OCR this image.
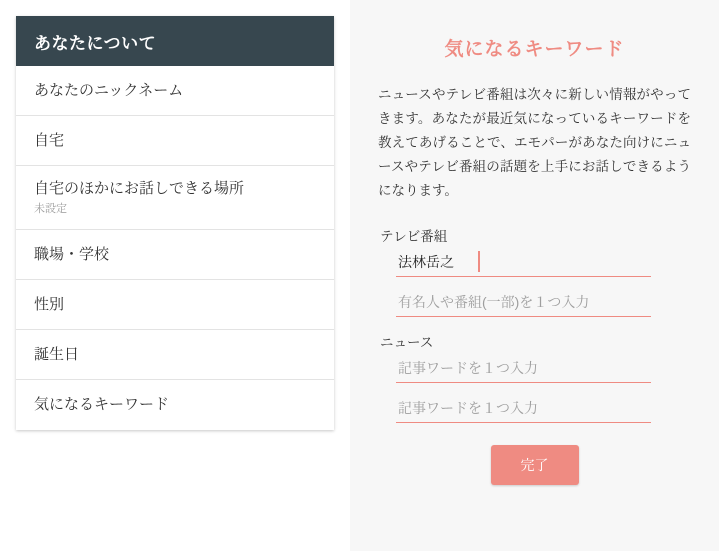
あなたについて
あなたのニックネーム
自宅
自宅のほかにお話しできる場所
未設定
職場・学校
性別
誕生日
気になるキーワード
気になるキーワード
ニュースやテレビ番組は次々に新しい情報がやってきます。あなたが最近気になっているキーワードを教えてあげることで、エモパーがあなた向けにニュースやテレビ番組の話題を上手にお話しできるようになります。
テレビ番組
法林岳之
有名人や番組(一部)を１つ入力
ニュース
記事ワードを１つ入力
記事ワードを１つ入力
完了
